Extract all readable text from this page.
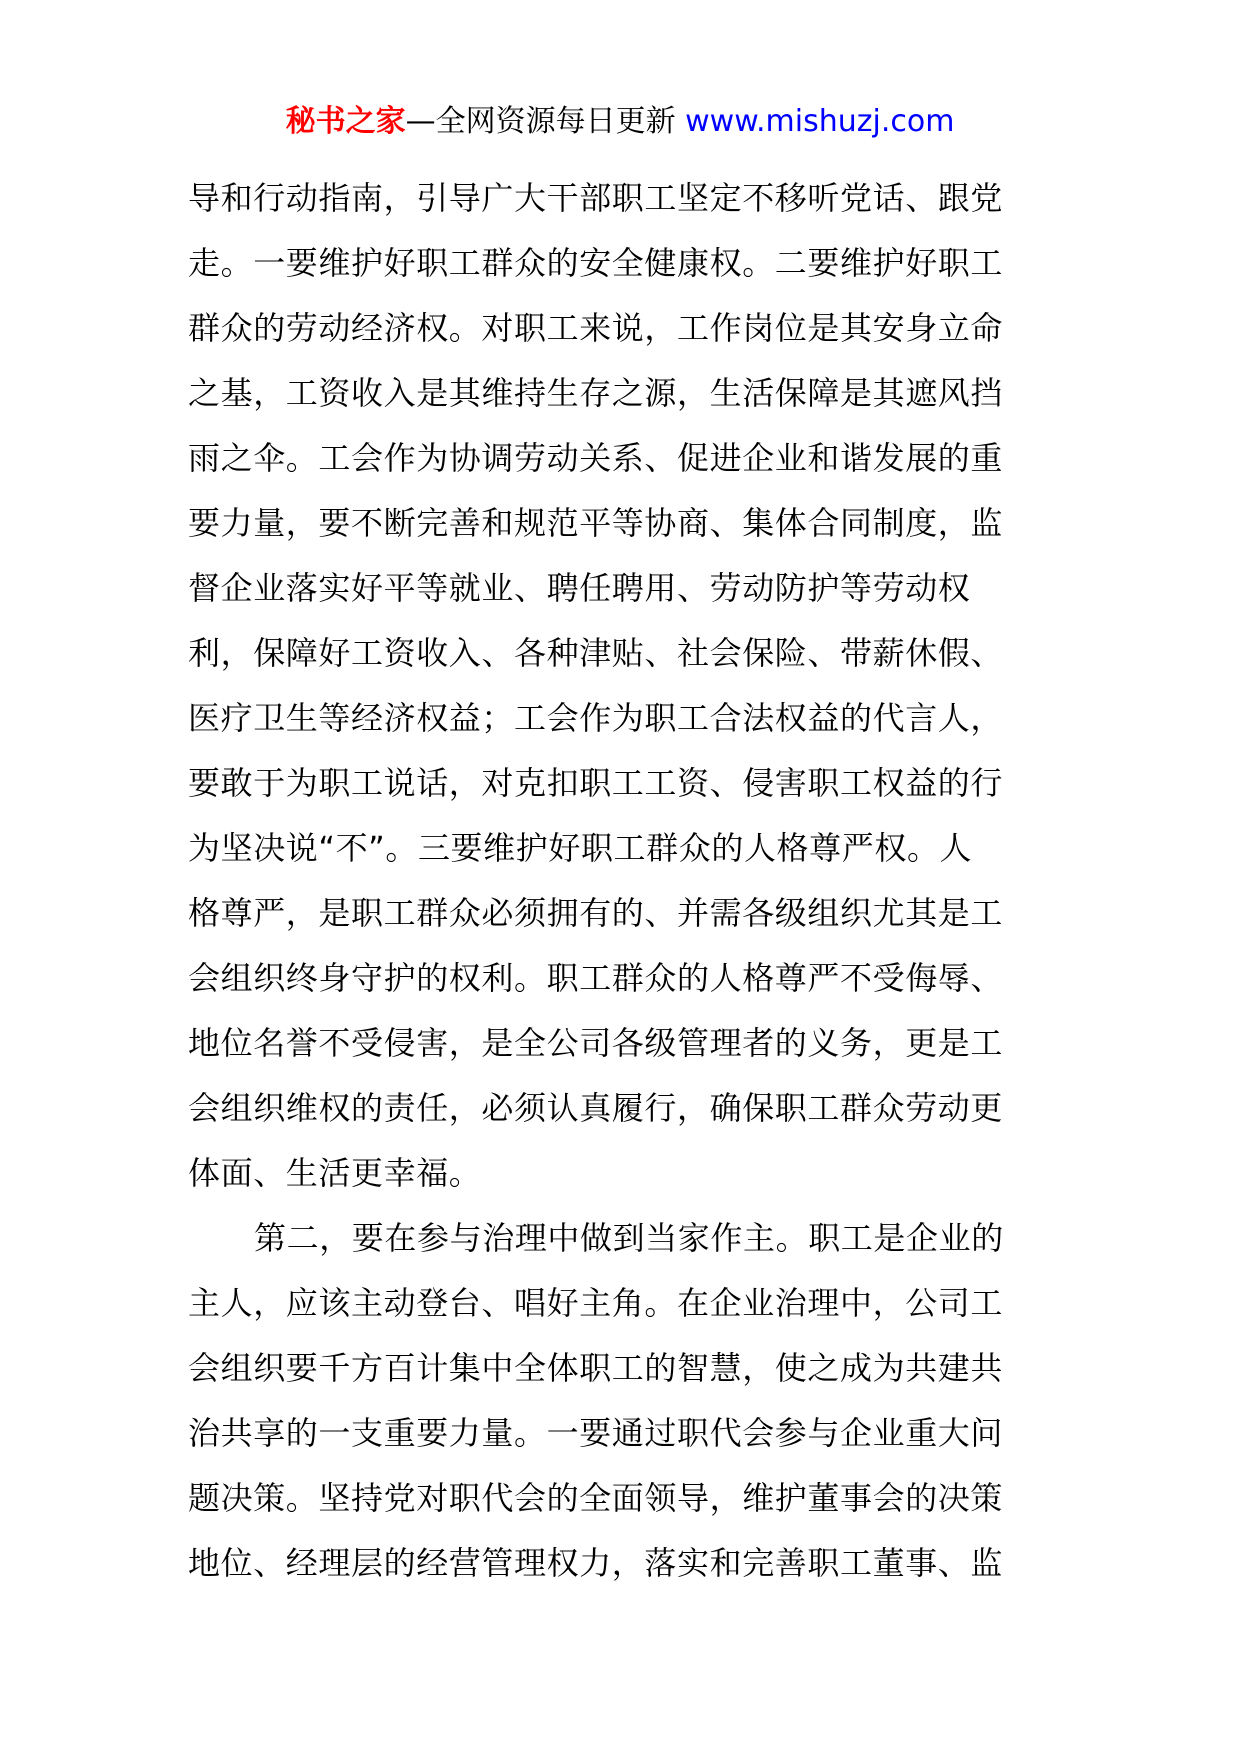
秘书之家—全网资源每日更新 www.mishuzj.com
导和行动指南，引导广大干部职工坚定不移听党话、跟党
走。一要维护好职工群众的安全健康权。二要维护好职工
群众的劳动经济权。对职工来说，工作岗位是其安身立命
之基，工资收入是其维持生存之源，生活保障是其遮风挡
雨之伞。工会作为协调劳动关系、促进企业和谐发展的重
要力量，要不断完善和规范平等协商、集体合同制度，监
督企业落实好平等就业、聘任聘用、劳动防护等劳动权
利，保障好工资收入、各种津贴、社会保险、带薪休假、
医疗卫生等经济权益；工会作为职工合法权益的代言人，
要敢于为职工说话，对克扣职工工资、侵害职工权益的行
为坚决说“不”。三要维护好职工群众的人格尊严权。人
格尊严，是职工群众必须拥有的、并需各级组织尤其是工
会组织终身守护的权利。职工群众的人格尊严不受侮辱、
地位名誉不受侵害，是全公司各级管理者的义务，更是工
会组织维权的责任，必须认真履行，确保职工群众劳动更
体面、生活更幸福。
第二，要在参与治理中做到当家作主。职工是企业的
主人，应该主动登台、唱好主角。在企业治理中，公司工
会组织要千方百计集中全体职工的智慧，使之成为共建共
治共享的一支重要力量。一要通过职代会参与企业重大问
题决策。坚持党对职代会的全面领导，维护董事会的决策
地位、经理层的经营管理权力，落实和完善职工董事、监
